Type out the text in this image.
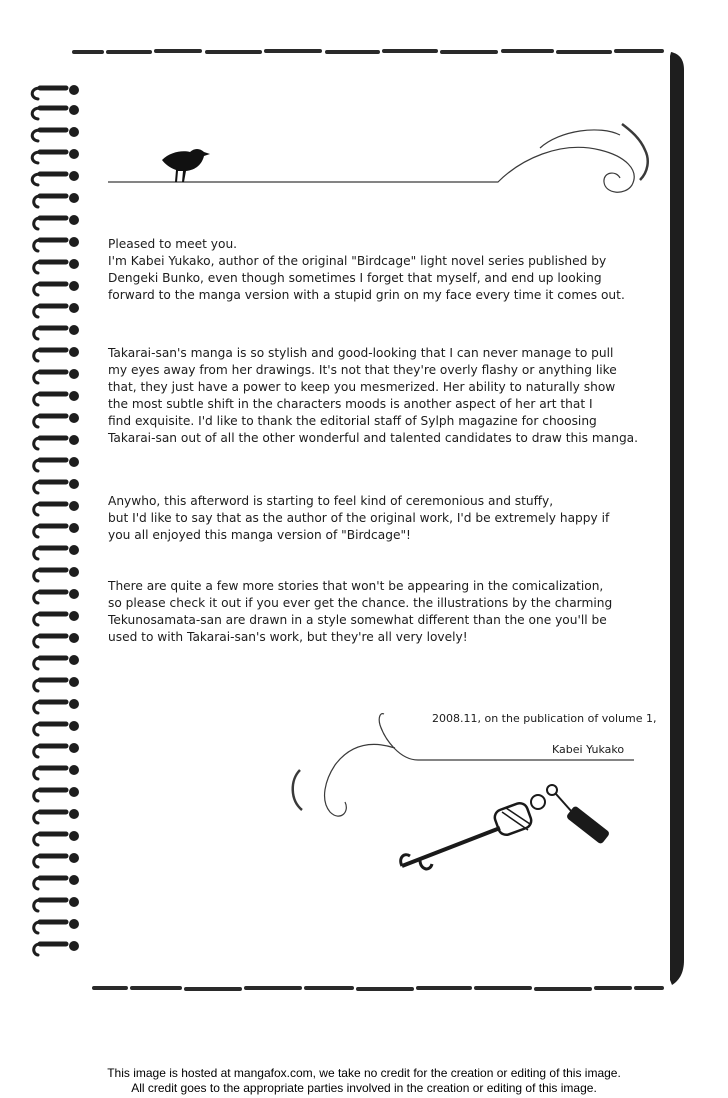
Pleased to meet you.
I'm Kabei Yukako, author of the original "Birdcage" light novel series published by
Dengeki Bunko, even though sometimes I forget that myself, and end up looking
forward to the manga version with a stupid grin on my face every time it comes out.
Takarai-san's manga is so stylish and good-looking that I can never manage to pull
my eyes away from her drawings. It's not that they're overly flashy or anything like
that, they just have a power to keep you mesmerized. Her ability to naturally show
the most subtle shift in the characters moods is another aspect of her art that I
find exquisite. I'd like to thank the editorial staff of Sylph magazine for choosing
Takarai-san out of all the other wonderful and talented candidates to draw this manga.
Anywho, this afterword is starting to feel kind of ceremonious and stuffy,
but I'd like to say that as the author of the original work, I'd be extremely happy if
you all enjoyed this manga version of "Birdcage"!
There are quite a few more stories that won't be appearing in the comicalization,
so please check it out if you ever get the chance. the illustrations by the charming
Tekunosamata-san are drawn in a style somewhat different than the one you'll be
used to with Takarai-san's work, but they're all very lovely!
2008.11, on the publication of volume 1,
Kabei Yukako
This image is hosted at mangafox.com, we take no credit for the creation or editing of this image.
All credit goes to the appropriate parties involved in the creation or editing of this image.
